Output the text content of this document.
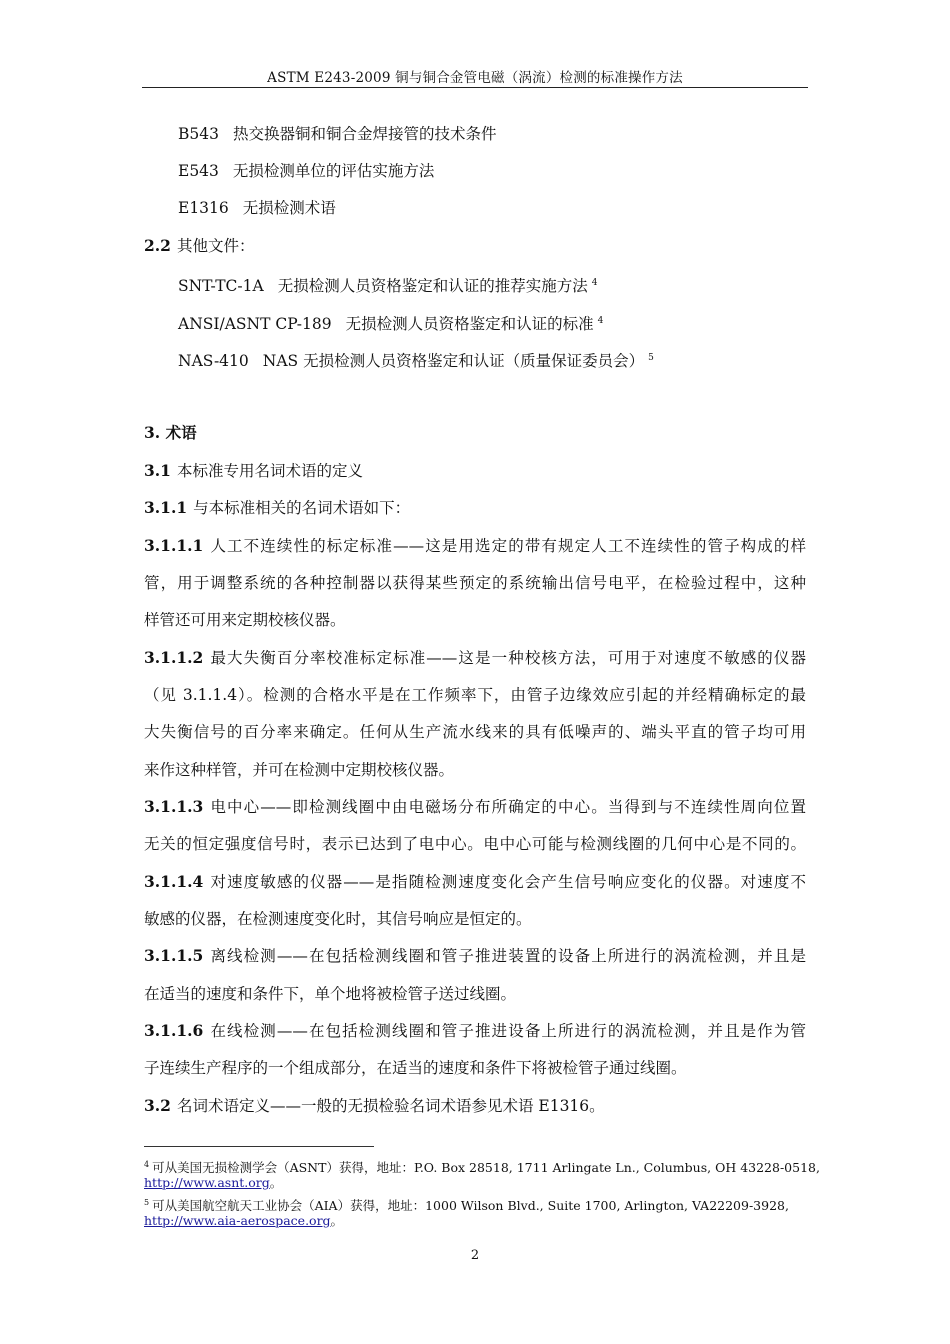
ASTM E243-2009 铜与铜合金管电磁（涡流）检测的标准操作方法
B543 热交换器铜和铜合金焊接管的技术条件
E543 无损检测单位的评估实施方法
E1316 无损检测术语
2.2 其他文件：
SNT-TC-1A 无损检测人员资格鉴定和认证的推荐实施方法 $^4$
ANSI/ASNT CP-189 无损检测人员资格鉴定和认证的标准 $^4$
NAS-410 NAS 无损检测人员资格鉴定和认证（质量保证委员会） $^5$
3. 术语
3.1 本标准专用名词术语的定义
3.1.1 与本标准相关的名词术语如下：
3.1.1.1 人工不连续性的标定标准——这是用选定的带有规定人工不连续性的管子构成的样
管，用于调整系统的各种控制器以获得某些预定的系统输出信号电平，在检验过程中，这种
样管还可用来定期校核仪器。
3.1.1.2 最大失衡百分率校准标定标准——这是一种校核方法，可用于对速度不敏感的仪器
（见 3.1.1.4）。检测的合格水平是在工作频率下，由管子边缘效应引起的并经精确标定的最
大失衡信号的百分率来确定。任何从生产流水线来的具有低噪声的、端头平直的管子均可用
来作这种样管，并可在检测中定期校核仪器。
3.1.1.3 电中心——即检测线圈中由电磁场分布所确定的中心。当得到与不连续性周向位置
无关的恒定强度信号时，表示已达到了电中心。电中心可能与检测线圈的几何中心是不同的。
3.1.1.4 对速度敏感的仪器——是指随检测速度变化会产生信号响应变化的仪器。对速度不
敏感的仪器，在检测速度变化时，其信号响应是恒定的。
3.1.1.5 离线检测——在包括检测线圈和管子推进装置的设备上所进行的涡流检测，并且是
在适当的速度和条件下，单个地将被检管子送过线圈。
3.1.1.6 在线检测——在包括检测线圈和管子推进设备上所进行的涡流检测，并且是作为管
子连续生产程序的一个组成部分，在适当的速度和条件下将被检管子通过线圈。
3.2 名词术语定义——一般的无损检验名词术语参见术语 E1316。
$^4$ 可从美国无损检测学会（ASNT）获得，地址：P.O. Box 28518, 1711 Arlingate Ln., Columbus, OH 43228-0518,
http://www.asnt.org。
$^5$ 可从美国航空航天工业协会（AIA）获得，地址：1000 Wilson Blvd., Suite 1700, Arlington, VA22209-3928,
http://www.aia-aerospace.org。
2
